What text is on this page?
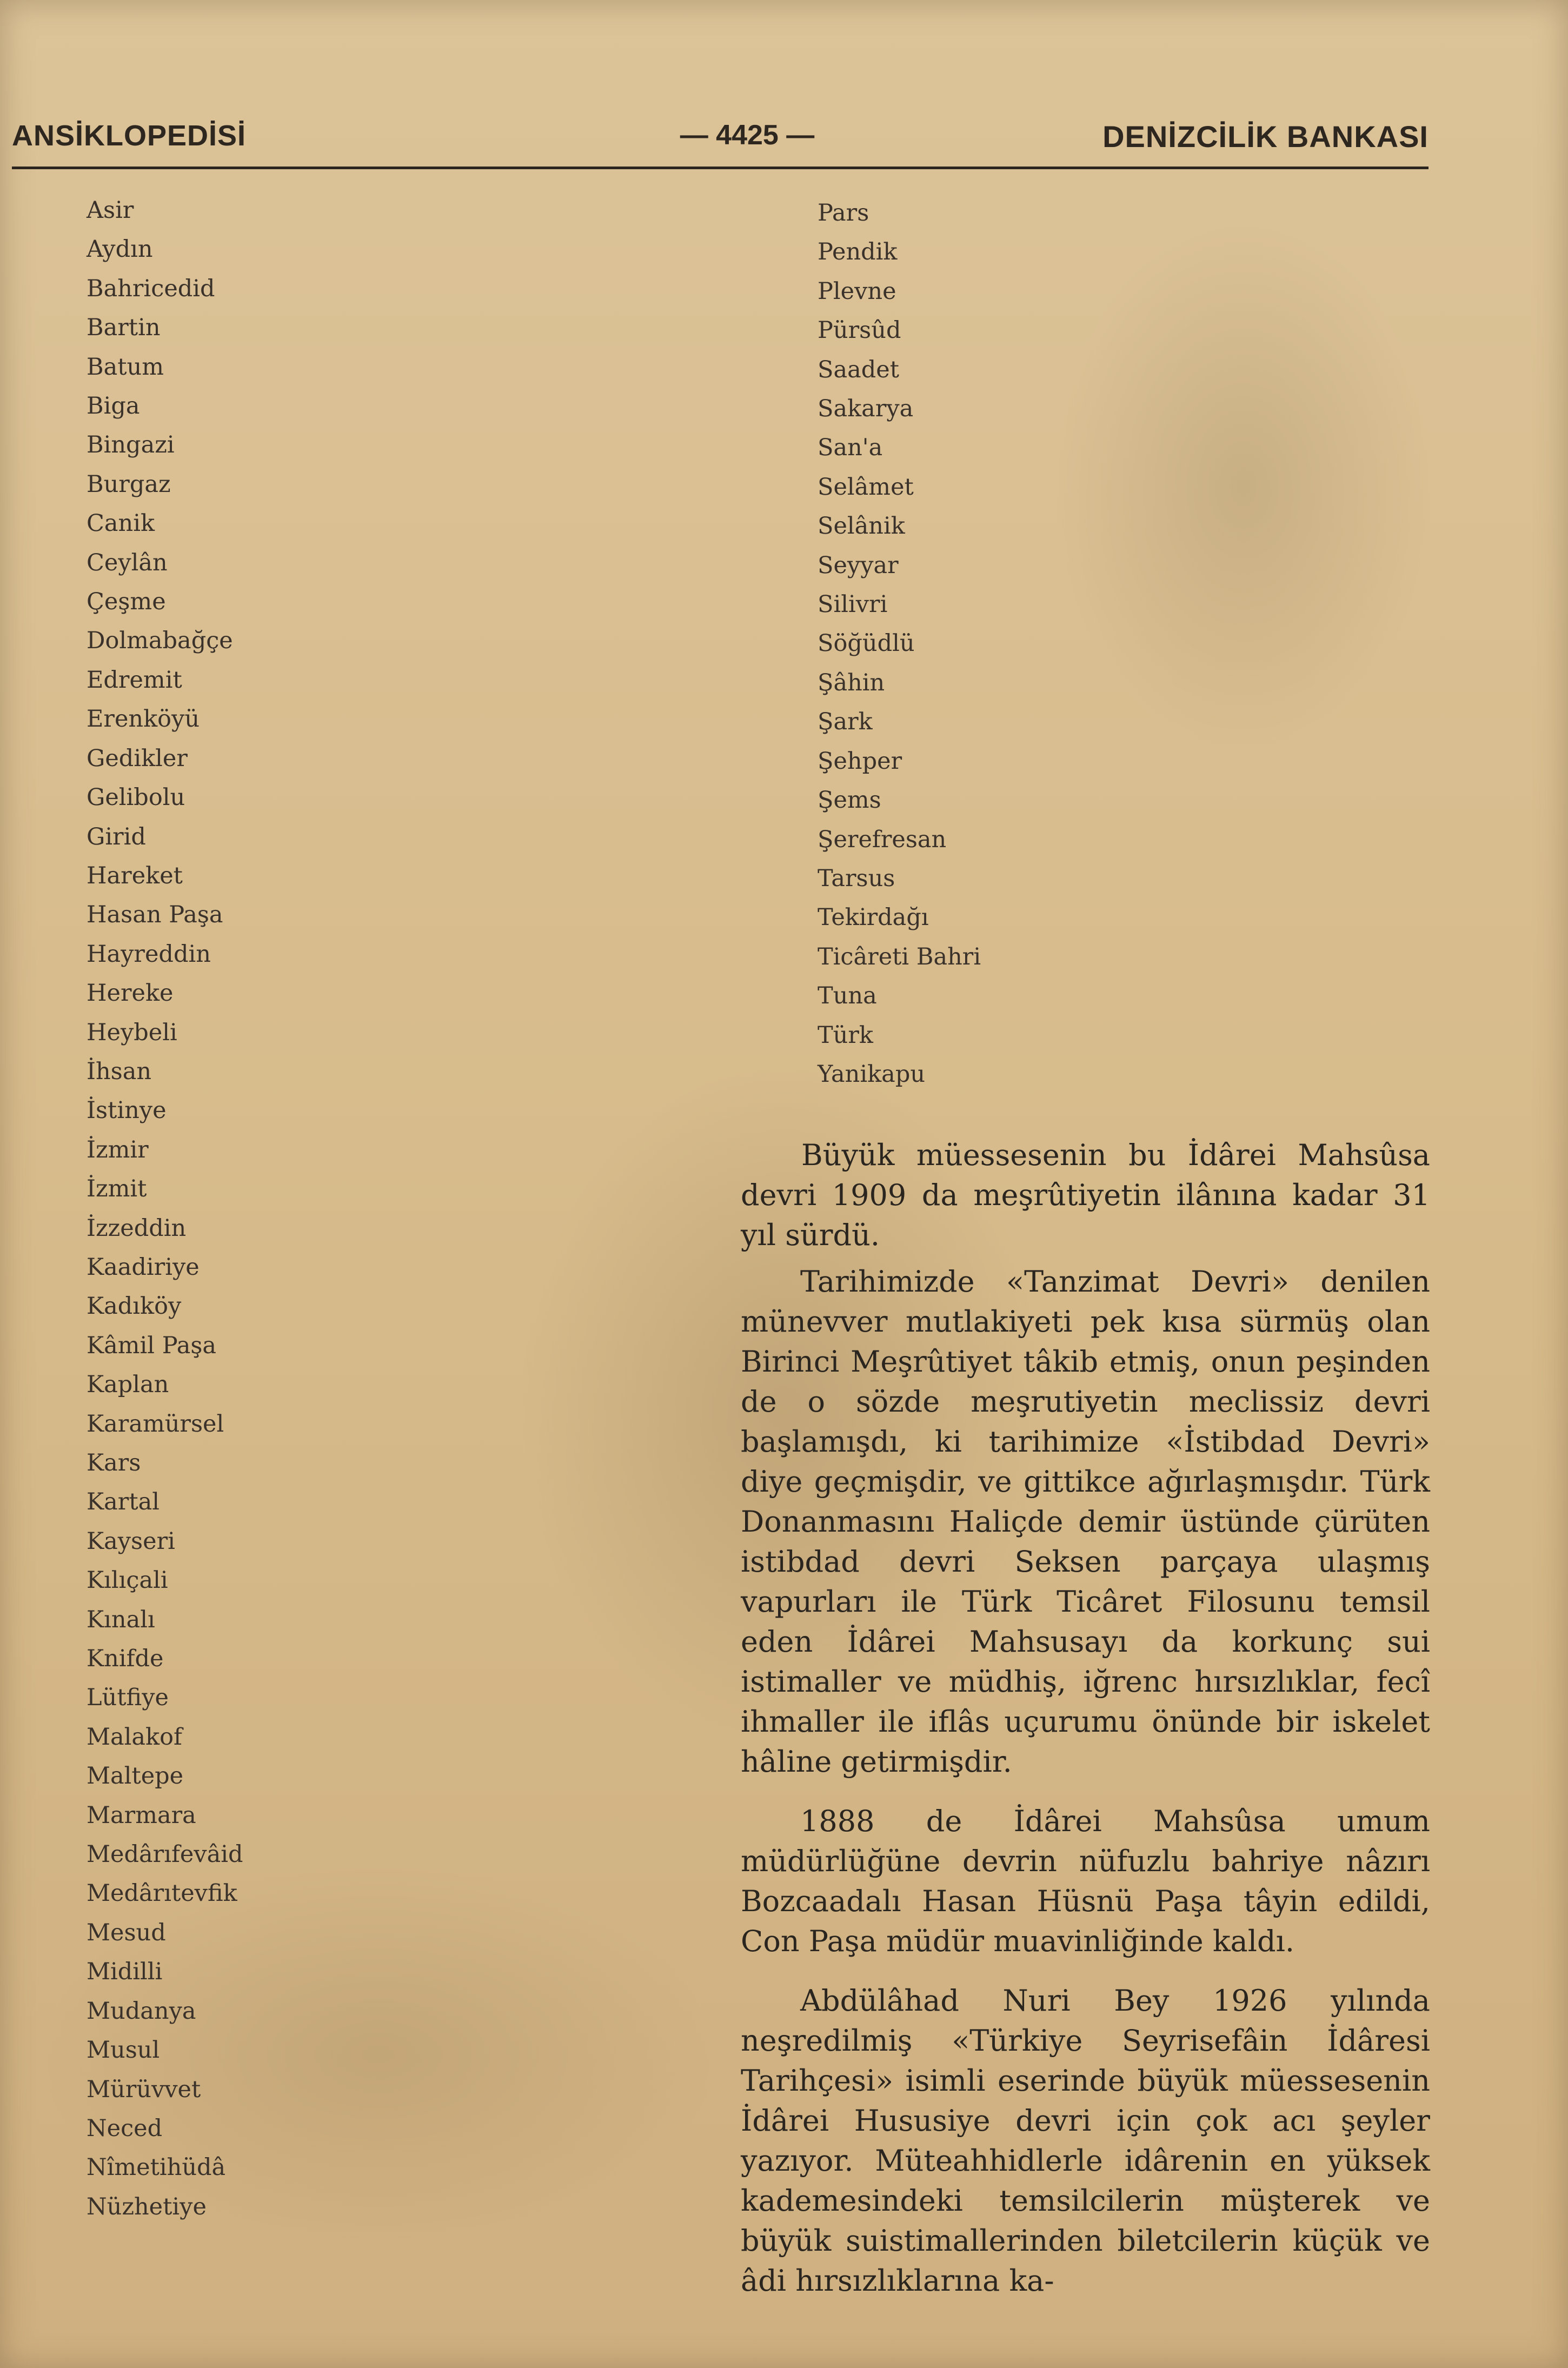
ANSİKLOPEDİSİ	— 4425 —	DENİZCİLİK BANKASI
Asir
Aydın
Bahricedid
Bartin
Batum
Biga
Bingazi
Burgaz
Canik
Ceylân
Çeşme
Dolmabağçe
Edremit
Erenköyü
Gedikler
Gelibolu
Girid
Hareket
Hasan Paşa
Hayreddin
Hereke
Heybeli
İhsan
İstinye
İzmir
İzmit
İzzeddin
Kaadiriye
Kadıköy
Kâmil Paşa
Kaplan
Karamürsel
Kars
Kartal
Kayseri
Kılıçali
Kınalı
Knifde
Lütfiye
Malakof
Maltepe
Marmara
Medârıfevâid
Medârıtevfik
Mesud
Midilli
Mudanya
Musul
Mürüvvet
Neced
Nîmetihüdâ
Nüzhetiye
Pars
Pendik
Plevne
Pürsûd
Saadet
Sakarya
San'a
Selâmet
Selânik
Seyyar
Silivri
Söğüdlü
Şâhin
Şark
Şehper
Şems
Şerefresan
Tarsus
Tekirdağı
Ticâreti Bahri
Tuna
Türk
Yanikapu

Büyük müessesenin bu İdârei Mahsûsa devri 1909 da meşrûtiyetin ilânına kadar 31 yıl sürdü.

Tarihimizde «Tanzimat Devri» denilen münevver mutlakiyeti pek kısa sürmüş olan Birinci Meşrûtiyet tâkib etmiş, onun peşinden de o sözde meşrutiyetin meclissiz devri başlamışdı, ki tarihimize «İstibdad Devri» diye geçmişdir, ve gittikce ağırlaşmışdır. Türk Donanmasını Haliçde demir üstünde çürüten istibdad devri Seksen parçaya ulaşmış vapurları ile Türk Ticâret Filosunu temsil eden İdârei Mahsusayı da korkunç sui istimaller ve müdhiş, iğrenc hırsızlıklar, fecî ihmaller ile iflâs uçurumu önünde bir iskelet hâline getirmişdir.

1888 de İdârei Mahsûsa umum müdürlüğüne devrin nüfuzlu bahriye nâzırı Bozcaadalı Hasan Hüsnü Paşa tâyin edildi, Con Paşa müdür muavinliğinde kaldı.

Abdülâhad Nuri Bey 1926 yılında neşredilmiş «Türkiye Seyrisefâin İdâresi Tarihçesi» isimli eserinde büyük müessesenin İdârei Hususiye devri için çok acı şeyler yazıyor. Müteahhidlerle idârenin en yüksek kademesindeki temsilcilerin müşterek ve büyük suistimallerinden biletcilerin küçük ve âdi hırsızlıklarına ka-
